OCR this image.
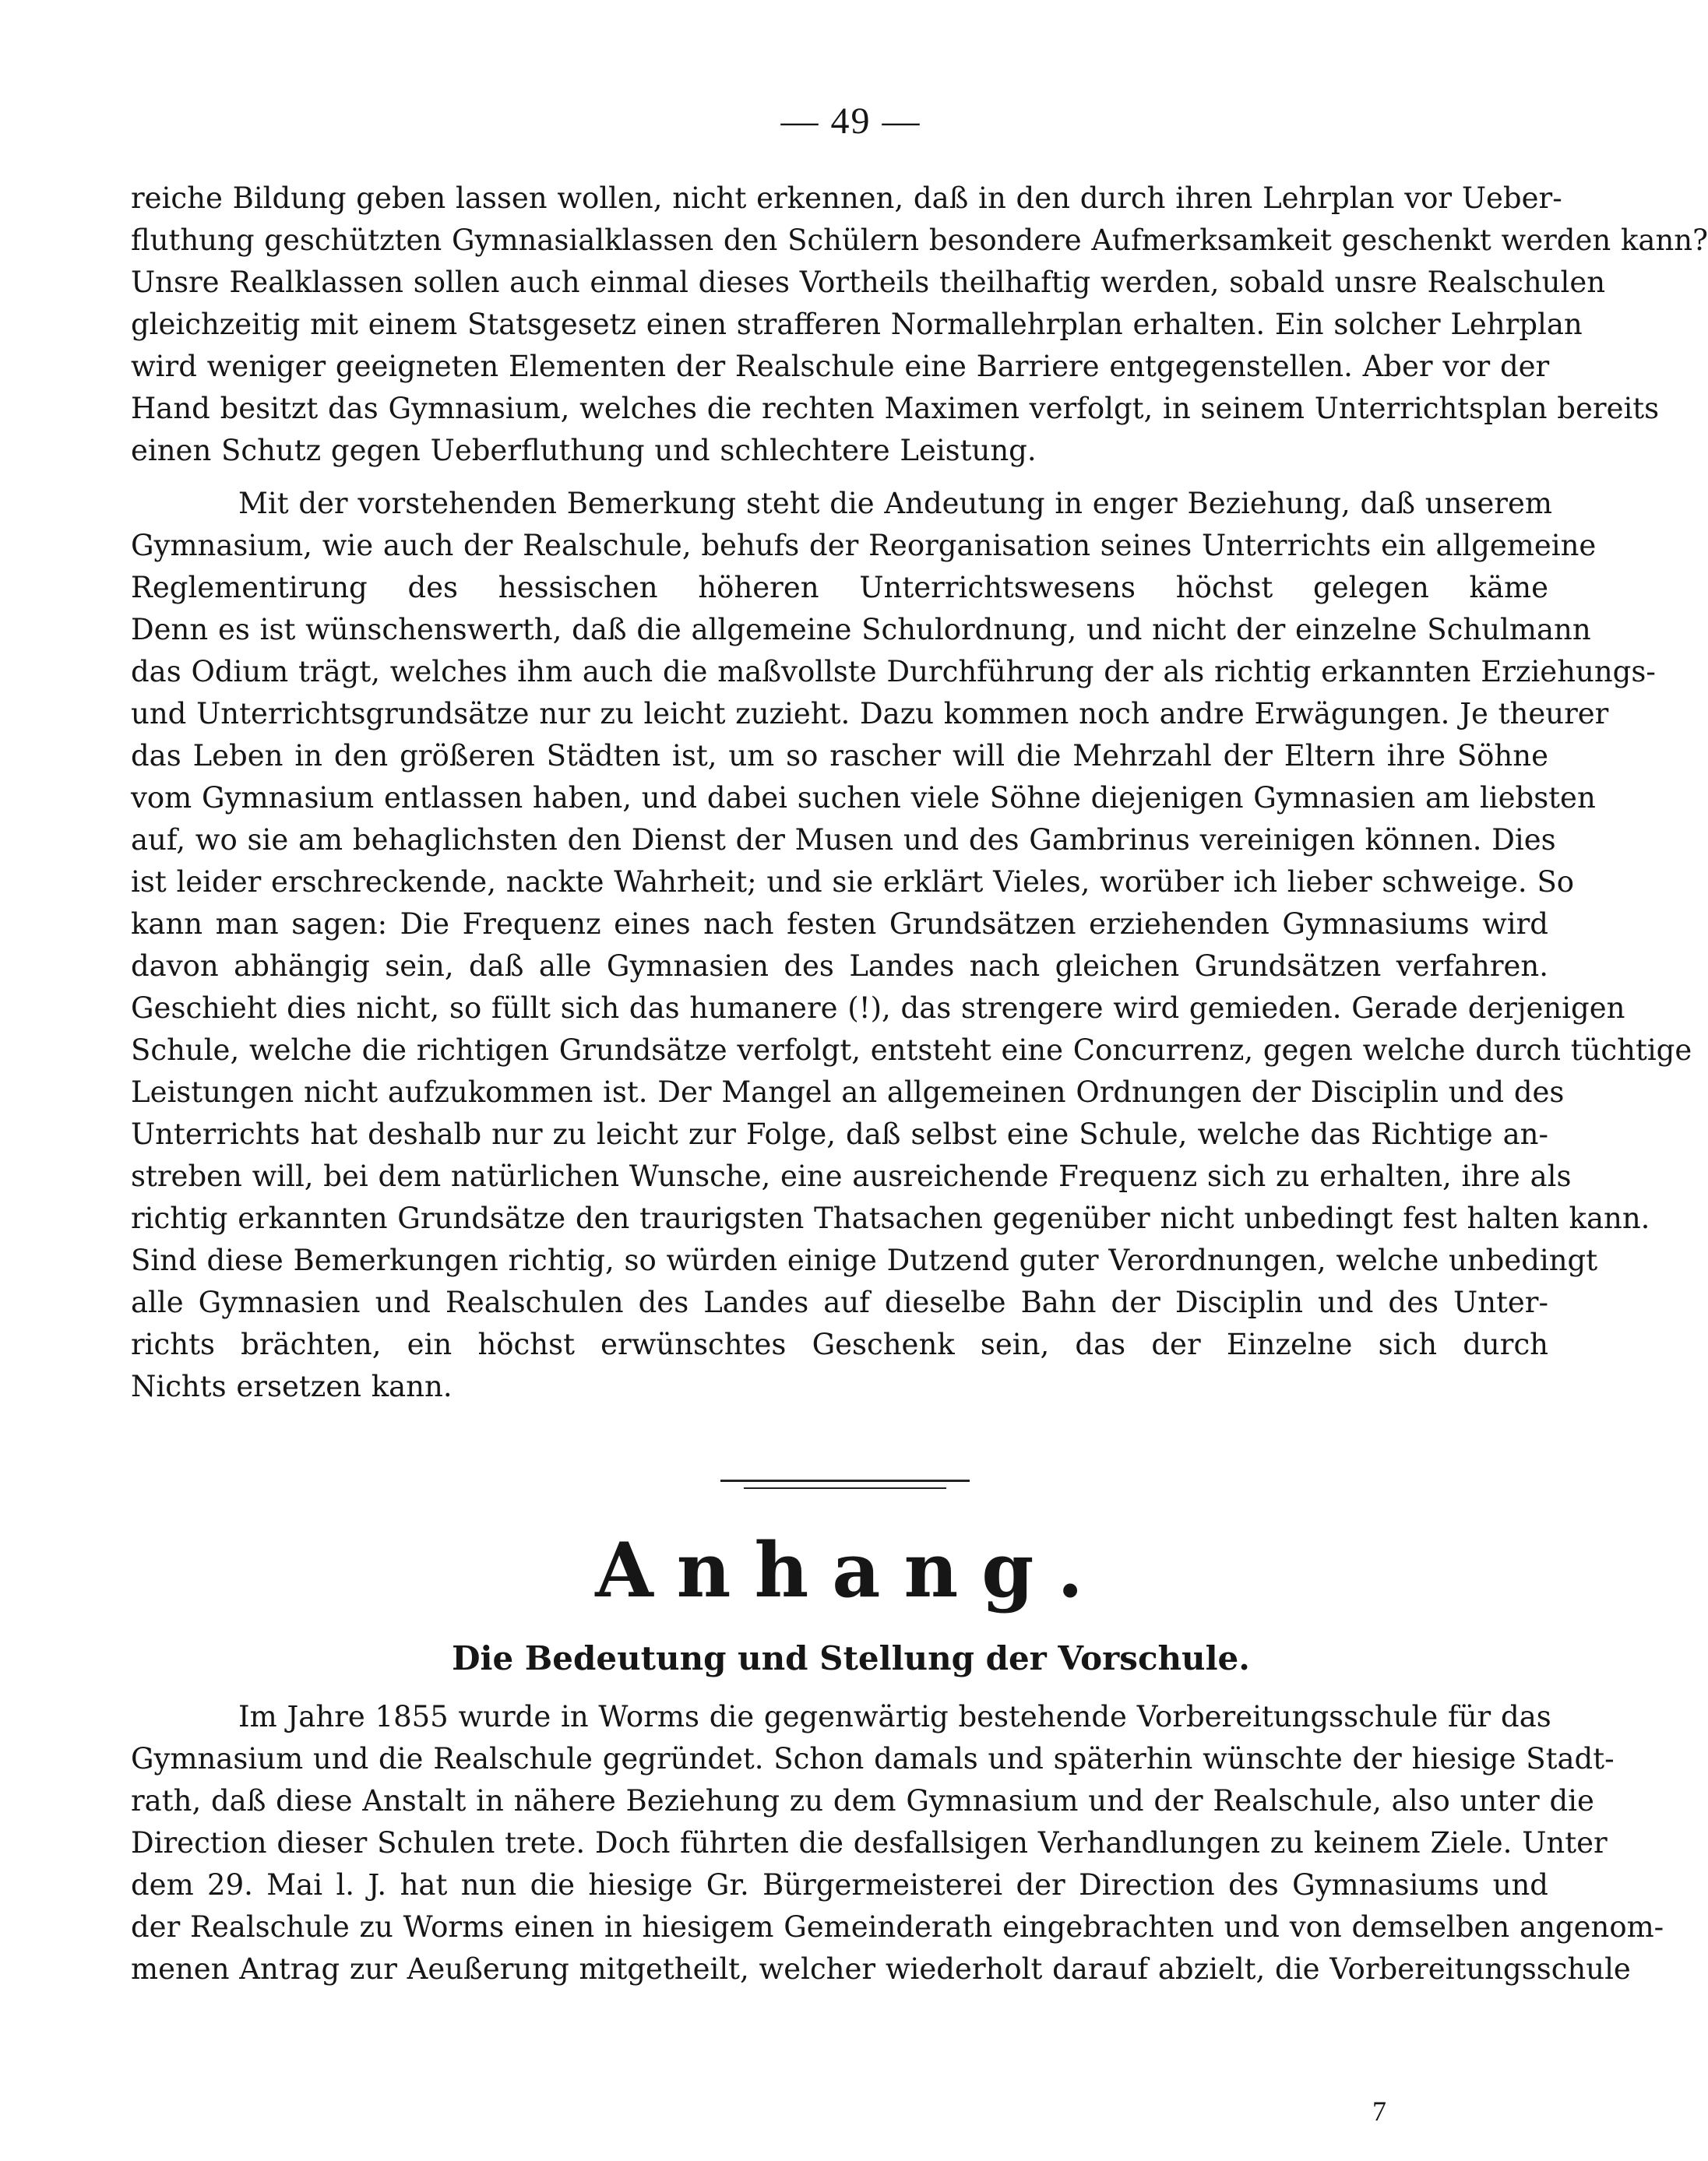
— 49 —
reiche Bildung geben lassen wollen, nicht erkennen, daß in den durch ihren Lehrplan vor Ueber-
fluthung geschützten Gymnasialklassen den Schülern besondere Aufmerksamkeit geschenkt werden kann?
Unsre Realklassen sollen auch einmal dieses Vortheils theilhaftig werden, sobald unsre Realschulen
gleichzeitig mit einem Statsgesetz einen strafferen Normallehrplan erhalten. Ein solcher Lehrplan
wird weniger geeigneten Elementen der Realschule eine Barriere entgegenstellen. Aber vor der
Hand besitzt das Gymnasium, welches die rechten Maximen verfolgt, in seinem Unterrichtsplan bereits
einen Schutz gegen Ueberfluthung und schlechtere Leistung.
Mit der vorstehenden Bemerkung steht die Andeutung in enger Beziehung, daß unserem
Gymnasium, wie auch der Realschule, behufs der Reorganisation seines Unterrichts ein allgemeine
Reglementirung des hessischen höheren Unterrichtswesens höchst gelegen käme
Denn es ist wünschenswerth, daß die allgemeine Schulordnung, und nicht der einzelne Schulmann
das Odium trägt, welches ihm auch die maßvollste Durchführung der als richtig erkannten Erziehungs-
und Unterrichtsgrundsätze nur zu leicht zuzieht. Dazu kommen noch andre Erwägungen. Je theurer
das Leben in den größeren Städten ist, um so rascher will die Mehrzahl der Eltern ihre Söhne
vom Gymnasium entlassen haben, und dabei suchen viele Söhne diejenigen Gymnasien am liebsten
auf, wo sie am behaglichsten den Dienst der Musen und des Gambrinus vereinigen können. Dies
ist leider erschreckende, nackte Wahrheit; und sie erklärt Vieles, worüber ich lieber schweige. So
kann man sagen: Die Frequenz eines nach festen Grundsätzen erziehenden Gymnasiums wird
davon abhängig sein, daß alle Gymnasien des Landes nach gleichen Grundsätzen verfahren.
Geschieht dies nicht, so füllt sich das humanere (!), das strengere wird gemieden. Gerade derjenigen
Schule, welche die richtigen Grundsätze verfolgt, entsteht eine Concurrenz, gegen welche durch tüchtige
Leistungen nicht aufzukommen ist. Der Mangel an allgemeinen Ordnungen der Disciplin und des
Unterrichts hat deshalb nur zu leicht zur Folge, daß selbst eine Schule, welche das Richtige an-
streben will, bei dem natürlichen Wunsche, eine ausreichende Frequenz sich zu erhalten, ihre als
richtig erkannten Grundsätze den traurigsten Thatsachen gegenüber nicht unbedingt fest halten kann.
Sind diese Bemerkungen richtig, so würden einige Dutzend guter Verordnungen, welche unbedingt
alle Gymnasien und Realschulen des Landes auf dieselbe Bahn der Disciplin und des Unter-
richts brächten, ein höchst erwünschtes Geschenk sein, das der Einzelne sich durch
Nichts ersetzen kann.
Anhang.
Die Bedeutung und Stellung der Vorschule.
Im Jahre 1855 wurde in Worms die gegenwärtig bestehende Vorbereitungsschule für das
Gymnasium und die Realschule gegründet. Schon damals und späterhin wünschte der hiesige Stadt-
rath, daß diese Anstalt in nähere Beziehung zu dem Gymnasium und der Realschule, also unter die
Direction dieser Schulen trete. Doch führten die desfallsigen Verhandlungen zu keinem Ziele. Unter
dem 29. Mai l. J. hat nun die hiesige Gr. Bürgermeisterei der Direction des Gymnasiums und
der Realschule zu Worms einen in hiesigem Gemeinderath eingebrachten und von demselben angenom-
menen Antrag zur Aeußerung mitgetheilt, welcher wiederholt darauf abzielt, die Vorbereitungsschule
7
